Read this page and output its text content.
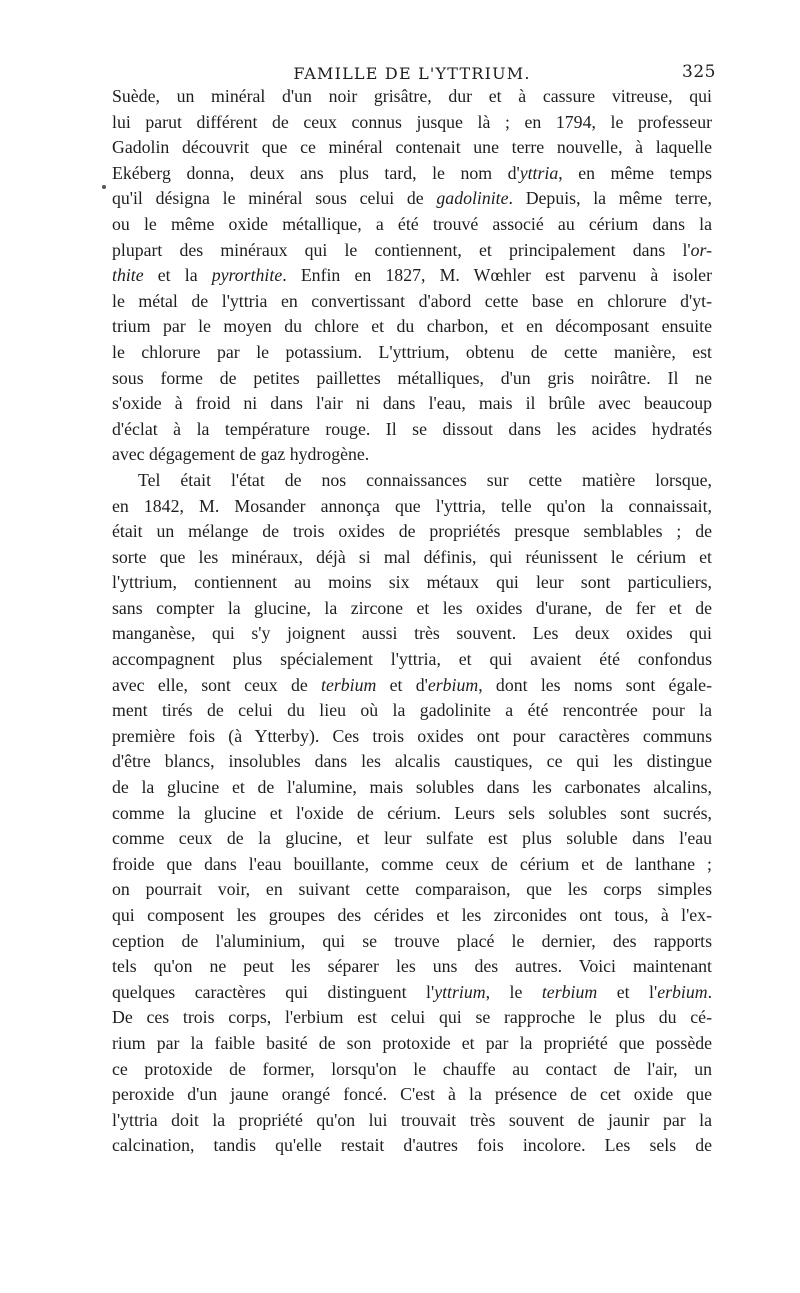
FAMILLE DE L'YTTRIUM.	325
Suède, un minéral d'un noir grisâtre, dur et à cassure vitreuse, qui
lui parut différent de ceux connus jusque là ; en 1794, le professeur
Gadolin découvrit que ce minéral contenait une terre nouvelle, à laquelle
Ekéberg donna, deux ans plus tard, le nom d'yttria, en même temps
qu'il désigna le minéral sous celui de gadolinite. Depuis, la même terre,
ou le même oxide métallique, a été trouvé associé au cérium dans la
plupart des minéraux qui le contiennent, et principalement dans l'or-
thite et la pyrorthite. Enfin en 1827, M. Wœhler est parvenu à isoler
le métal de l'yttria en convertissant d'abord cette base en chlorure d'yt-
trium par le moyen du chlore et du charbon, et en décomposant ensuite
le chlorure par le potassium. L'yttrium, obtenu de cette manière, est
sous forme de petites paillettes métalliques, d'un gris noirâtre. Il ne
s'oxide à froid ni dans l'air ni dans l'eau, mais il brûle avec beaucoup
d'éclat à la température rouge. Il se dissout dans les acides hydratés
avec dégagement de gaz hydrogène.
Tel était l'état de nos connaissances sur cette matière lorsque,
en 1842, M. Mosander annonça que l'yttria, telle qu'on la connaissait,
était un mélange de trois oxides de propriétés presque semblables ; de
sorte que les minéraux, déjà si mal définis, qui réunissent le cérium et
l'yttrium, contiennent au moins six métaux qui leur sont particuliers,
sans compter la glucine, la zircone et les oxides d'urane, de fer et de
manganèse, qui s'y joignent aussi très souvent. Les deux oxides qui
accompagnent plus spécialement l'yttria, et qui avaient été confondus
avec elle, sont ceux de terbium et d'erbium, dont les noms sont égale-
ment tirés de celui du lieu où la gadolinite a été rencontrée pour la
première fois (à Ytterby). Ces trois oxides ont pour caractères communs
d'être blancs, insolubles dans les alcalis caustiques, ce qui les distingue
de la glucine et de l'alumine, mais solubles dans les carbonates alcalins,
comme la glucine et l'oxide de cérium. Leurs sels solubles sont sucrés,
comme ceux de la glucine, et leur sulfate est plus soluble dans l'eau
froide que dans l'eau bouillante, comme ceux de cérium et de lanthane ;
on pourrait voir, en suivant cette comparaison, que les corps simples
qui composent les groupes des cérides et les zirconides ont tous, à l'ex-
ception de l'aluminium, qui se trouve placé le dernier, des rapports
tels qu'on ne peut les séparer les uns des autres. Voici maintenant
quelques caractères qui distinguent l'yttrium, le terbium et l'erbium.
De ces trois corps, l'erbium est celui qui se rapproche le plus du cé-
rium par la faible basité de son protoxide et par la propriété que possède
ce protoxide de former, lorsqu'on le chauffe au contact de l'air, un
peroxide d'un jaune orangé foncé. C'est à la présence de cet oxide que
l'yttria doit la propriété qu'on lui trouvait très souvent de jaunir par la
calcination, tandis qu'elle restait d'autres fois incolore. Les sels de
